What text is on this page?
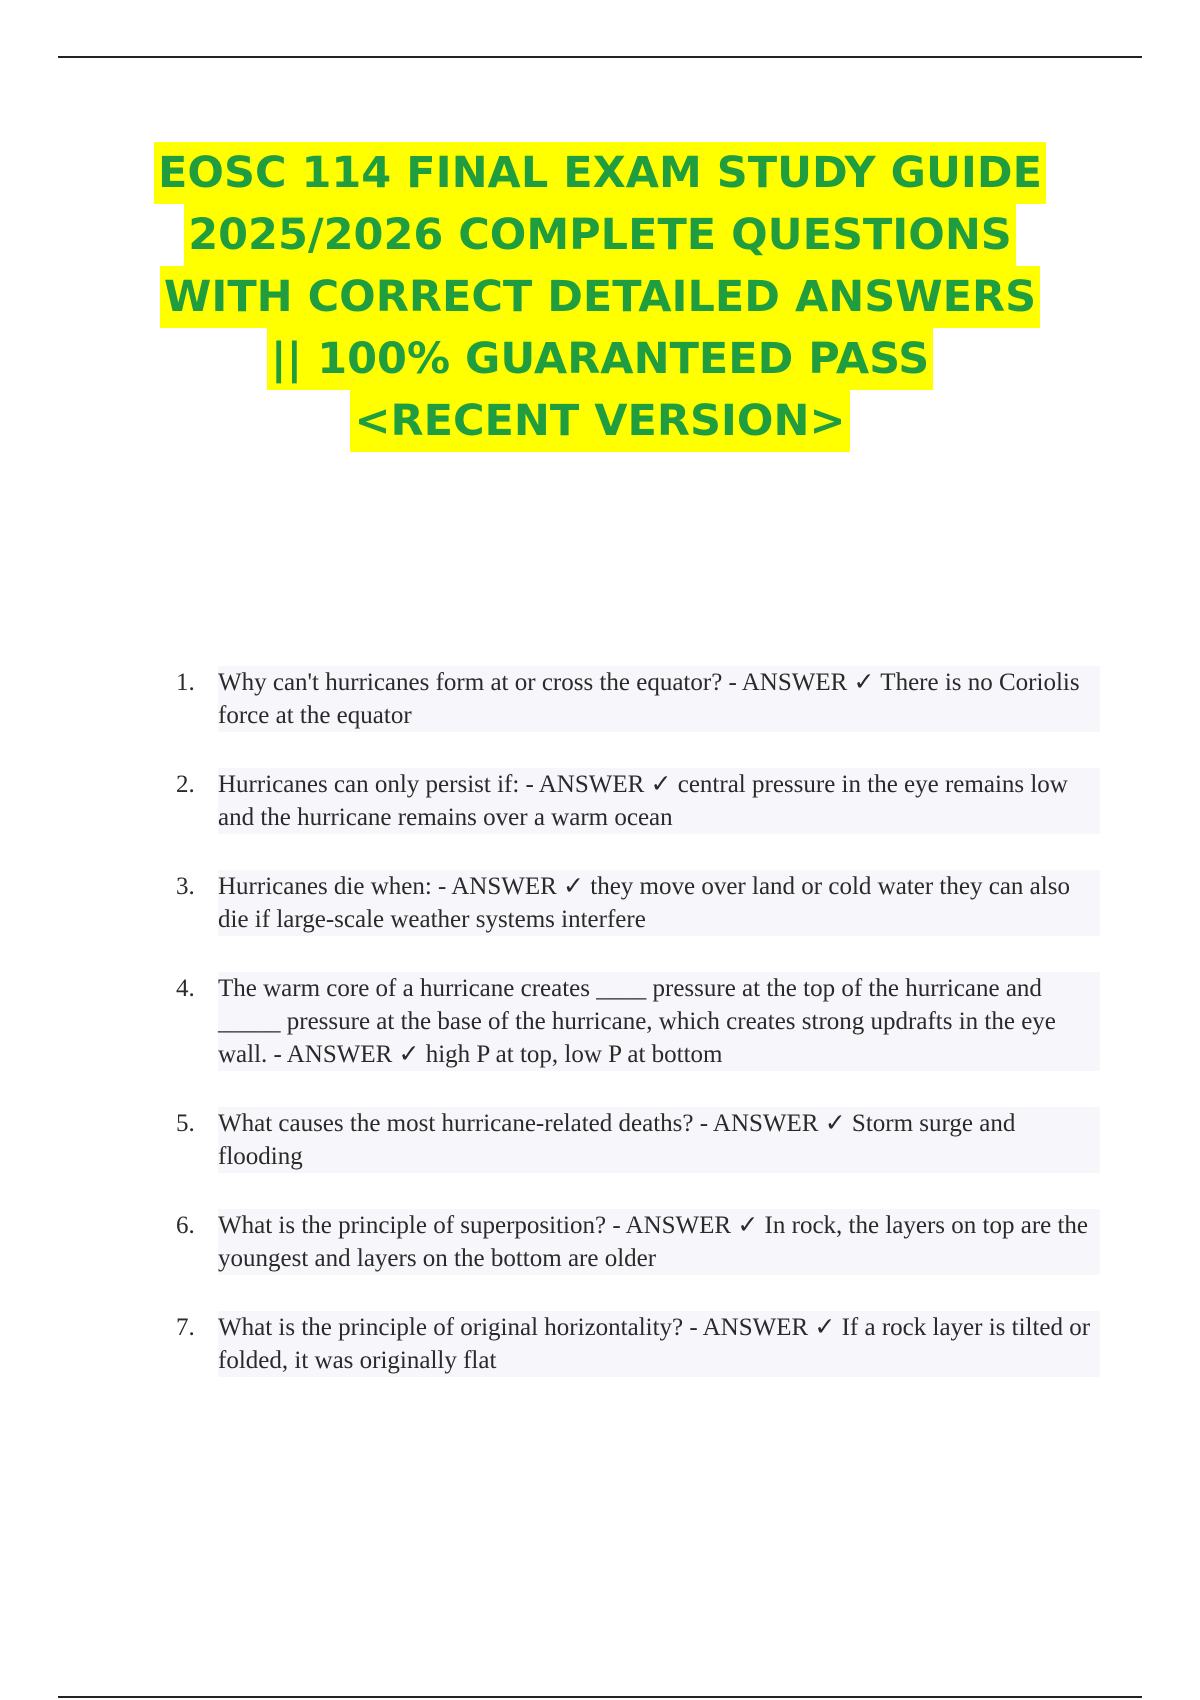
EOSC 114 FINAL EXAM STUDY GUIDE
2025/2026 COMPLETE QUESTIONS
WITH CORRECT DETAILED ANSWERS
|| 100% GUARANTEED PASS
<RECENT VERSION>
1. Why can't hurricanes form at or cross the equator? - ANSWER ✓ There is no Coriolis force at the equator
2. Hurricanes can only persist if: - ANSWER ✓ central pressure in the eye remains low and the hurricane remains over a warm ocean
3. Hurricanes die when: - ANSWER ✓ they move over land or cold water they can also die if large-scale weather systems interfere
4. The warm core of a hurricane creates ____ pressure at the top of the hurricane and _____ pressure at the base of the hurricane, which creates strong updrafts in the eye wall. - ANSWER ✓ high P at top, low P at bottom
5. What causes the most hurricane-related deaths? - ANSWER ✓ Storm surge and flooding
6. What is the principle of superposition? - ANSWER ✓ In rock, the layers on top are the youngest and layers on the bottom are older
7. What is the principle of original horizontality? - ANSWER ✓ If a rock layer is tilted or folded, it was originally flat
